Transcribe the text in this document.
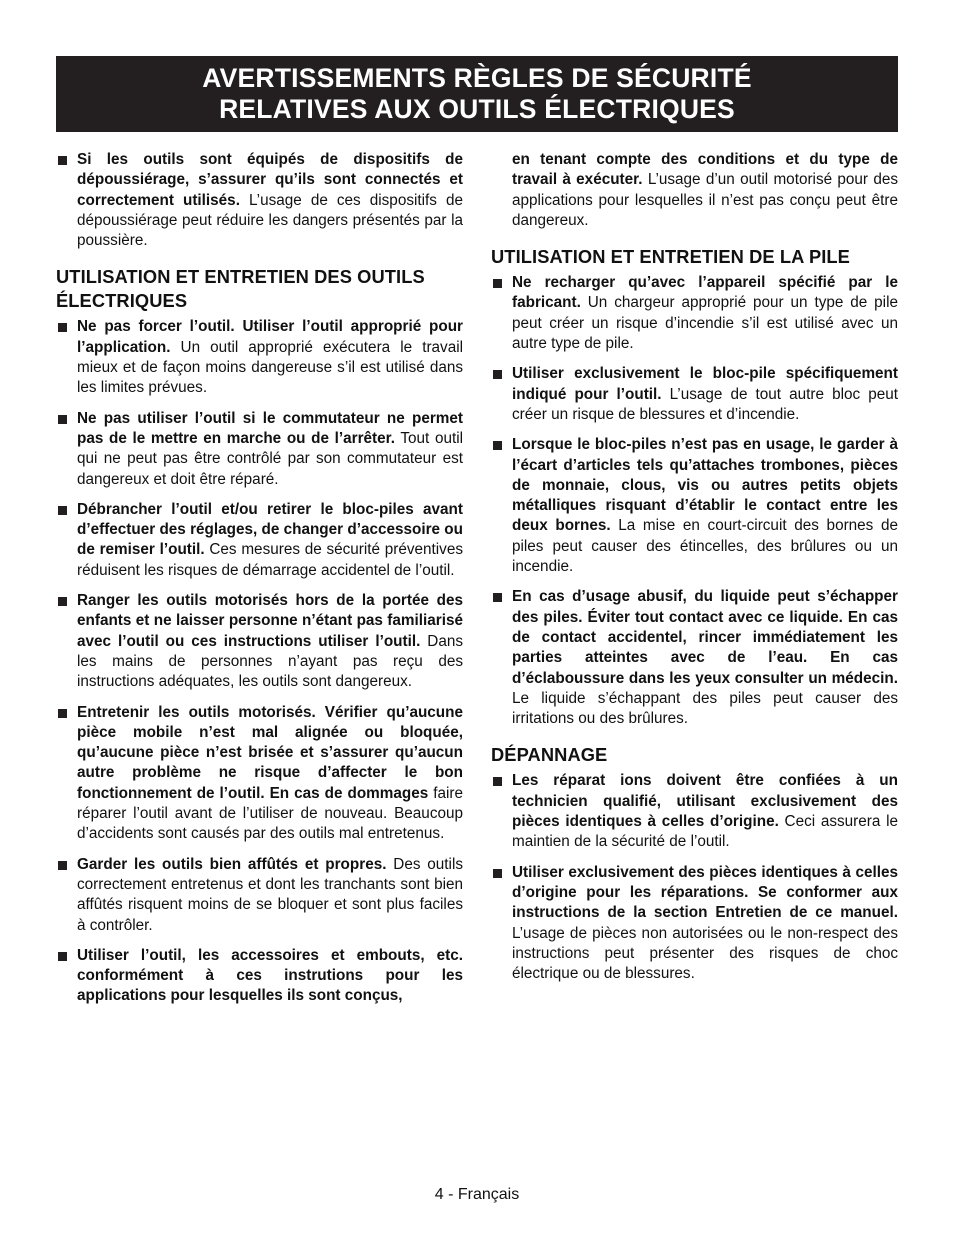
AVERTISSEMENTS RÈGLES DE SÉCURITÉ
RELATIVES AUX OUTILS ÉLECTRIQUES

Si les outils sont équipés de dispositifs de dépoussiérage, s’assurer qu’ils sont connectés et correctement utilisés. L’usage de ces dispositifs de dépoussiérage peut réduire les dangers présentés par la poussière.

UTILISATION ET ENTRETIEN DES OUTILS ÉLECTRIQUES

Ne pas forcer l’outil. Utiliser l’outil approprié pour l’application. Un outil approprié exécutera le travail mieux et de façon moins dangereuse s’il est utilisé dans les limites prévues.

Ne pas utiliser l’outil si le commutateur ne permet pas de le mettre en marche ou de l’arrêter. Tout outil qui ne peut pas être contrôlé par son commutateur est dangereux et doit être réparé.

Débrancher l’outil et/ou retirer le bloc-piles avant d’effectuer des réglages, de changer d’accessoire ou de remiser l’outil. Ces mesures de sécurité préventives réduisent les risques de démarrage accidentel de l’outil.

Ranger les outils motorisés hors de la portée des enfants et ne laisser personne n’étant pas familiarisé avec l’outil ou ces instructions utiliser l’outil. Dans les mains de personnes n’ayant pas reçu des instructions adéquates, les outils sont dangereux.

Entretenir les outils motorisés. Vérifier qu’aucune pièce mobile n’est mal alignée ou bloquée, qu’aucune pièce n’est brisée et s’assurer qu’aucun autre problème ne risque d’affecter le bon fonctionnement de l’outil. En cas de dommages faire réparer l’outil avant de l’utiliser de nouveau. Beaucoup d’accidents sont causés par des outils mal entretenus.

Garder les outils bien affûtés et propres. Des outils correctement entretenus et dont les tranchants sont bien affûtés risquent moins de se bloquer et sont plus faciles à contrôler.

Utiliser l’outil, les accessoires et embouts, etc. conformément à ces instrutions pour les applications pour lesquelles ils sont conçus,

en tenant compte des conditions et du type de travail à exécuter. L’usage d’un outil motorisé pour des applications pour lesquelles il n’est pas conçu peut être dangereux.

UTILISATION ET ENTRETIEN DE LA PILE

Ne recharger qu’avec l’appareil spécifié par le fabricant. Un chargeur approprié pour un type de pile peut créer un risque d’incendie s’il est utilisé avec un autre type de pile.

Utiliser exclusivement le bloc-pile spécifiquement indiqué pour l’outil. L’usage de tout autre bloc peut créer un risque de blessures et d’incendie.

Lorsque le bloc-piles n’est pas en usage, le garder à l’écart d’articles tels qu’attaches trombones, pièces de monnaie, clous, vis ou autres petits objets métalliques risquant d’établir le contact entre les deux bornes. La mise en court-circuit des bornes de piles peut causer des étincelles, des brûlures ou un incendie.

En cas d’usage abusif, du liquide peut s’échapper des piles. Éviter tout contact avec ce liquide. En cas de contact accidentel, rincer immédiatement les parties atteintes avec de l’eau. En cas d’éclaboussure dans les yeux consulter un médecin. Le liquide s’échappant des piles peut causer des irritations ou des brûlures.

DÉPANNAGE

Les réparat ions doivent être confiées à un technicien qualifié, utilisant exclusivement des pièces identiques à celles d’origine. Ceci assurera le maintien de la sécurité de l’outil.

Utiliser exclusivement des pièces identiques à celles d’origine pour les réparations. Se conformer aux instructions de la section Entretien de ce manuel. L’usage de pièces non autorisées ou le non-respect des instructions peut présenter des risques de choc électrique ou de blessures.

4 - Français
